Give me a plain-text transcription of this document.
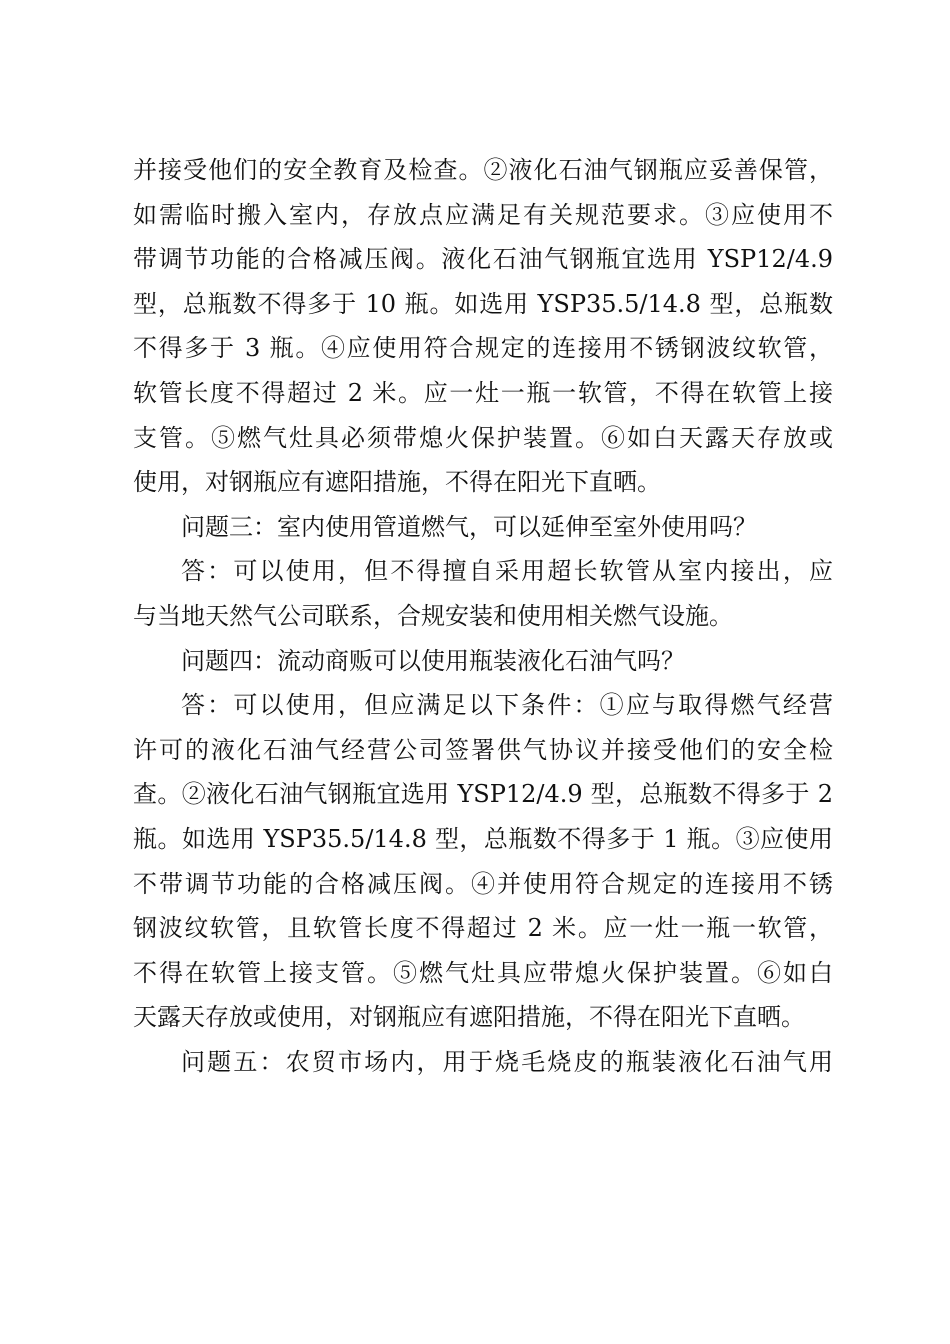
并接受他们的安全教育及检查。②液化石油气钢瓶应妥善保管，
如需临时搬入室内，存放点应满足有关规范要求。③应使用不
带调节功能的合格减压阀。液化石油气钢瓶宜选用 YSP12/4.9
型，总瓶数不得多于 10 瓶。如选用 YSP35.5/14.8 型，总瓶数
不得多于 3 瓶。④应使用符合规定的连接用不锈钢波纹软管，
软管长度不得超过 2 米。应一灶一瓶一软管，不得在软管上接
支管。⑤燃气灶具必须带熄火保护装置。⑥如白天露天存放或
使用，对钢瓶应有遮阳措施，不得在阳光下直晒。

问题三：室内使用管道燃气，可以延伸至室外使用吗？

答：可以使用，但不得擅自采用超长软管从室内接出，应
与当地天然气公司联系，合规安装和使用相关燃气设施。

问题四：流动商贩可以使用瓶装液化石油气吗？

答：可以使用，但应满足以下条件：①应与取得燃气经营
许可的液化石油气经营公司签署供气协议并接受他们的安全检
查。②液化石油气钢瓶宜选用 YSP12/4.9 型，总瓶数不得多于 2
瓶。如选用 YSP35.5/14.8 型，总瓶数不得多于 1 瓶。③应使用
不带调节功能的合格减压阀。④并使用符合规定的连接用不锈
钢波纹软管，且软管长度不得超过 2 米。应一灶一瓶一软管，
不得在软管上接支管。⑤燃气灶具应带熄火保护装置。⑥如白
天露天存放或使用，对钢瓶应有遮阳措施，不得在阳光下直晒。

问题五：农贸市场内，用于烧毛烧皮的瓶装液化石油气用
